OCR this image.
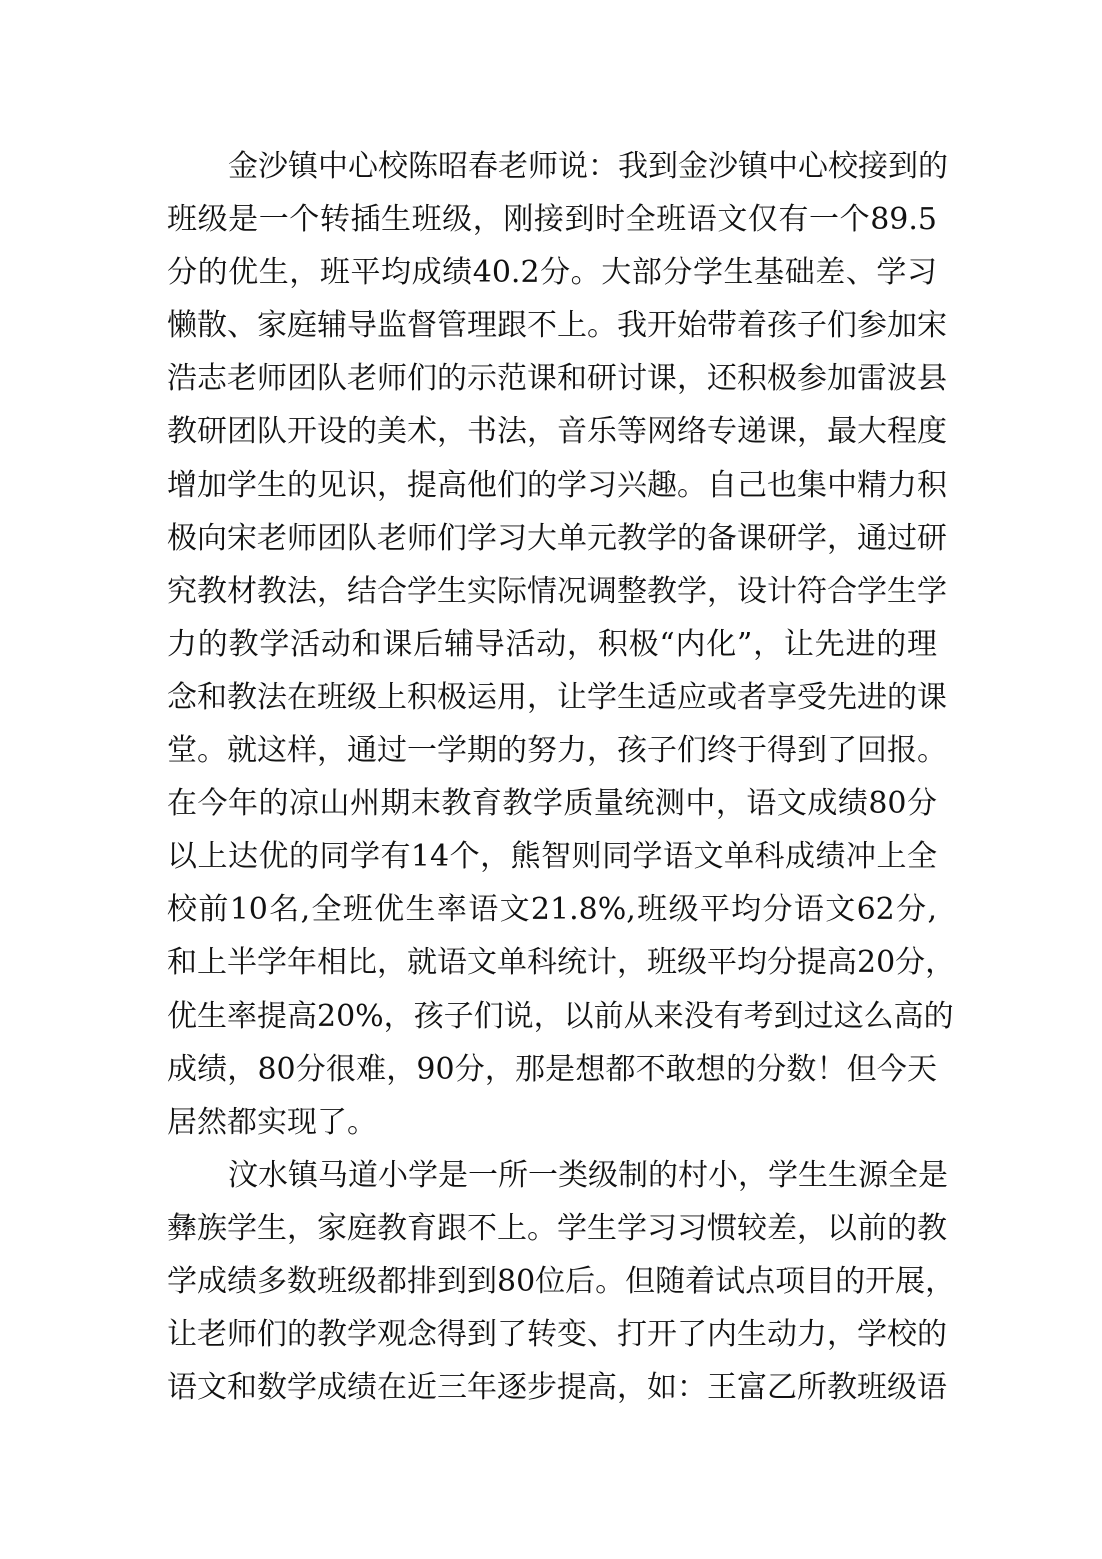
金沙镇中心校陈昭春老师说：我到金沙镇中心校接到的
班级是一个转插生班级，刚接到时全班语文仅有一个89.5
分的优生，班平均成绩40.2分。大部分学生基础差、学习
懒散、家庭辅导监督管理跟不上。我开始带着孩子们参加宋
浩志老师团队老师们的示范课和研讨课，还积极参加雷波县
教研团队开设的美术，书法，音乐等网络专递课，最大程度
增加学生的见识，提高他们的学习兴趣。自己也集中精力积
极向宋老师团队老师们学习大单元教学的备课研学，通过研
究教材教法，结合学生实际情况调整教学，设计符合学生学
力的教学活动和课后辅导活动，积极“内化”，让先进的理
念和教法在班级上积极运用，让学生适应或者享受先进的课
堂。就这样，通过一学期的努力，孩子们终于得到了回报。
在今年的凉山州期末教育教学质量统测中，语文成绩80分
以上达优的同学有14个，熊智则同学语文单科成绩冲上全
校前10名,全班优生率语文21.8%,班级平均分语文62分,
和上半学年相比，就语文单科统计，班级平均分提高20分，
优生率提高20%，孩子们说，以前从来没有考到过这么高的
成绩，80分很难，90分，那是想都不敢想的分数！但今天
居然都实现了。
汶水镇马道小学是一所一类级制的村小，学生生源全是
彝族学生，家庭教育跟不上。学生学习习惯较差，以前的教
学成绩多数班级都排到到80位后。但随着试点项目的开展，
让老师们的教学观念得到了转变、打开了内生动力，学校的
语文和数学成绩在近三年逐步提高，如：王富乙所教班级语
